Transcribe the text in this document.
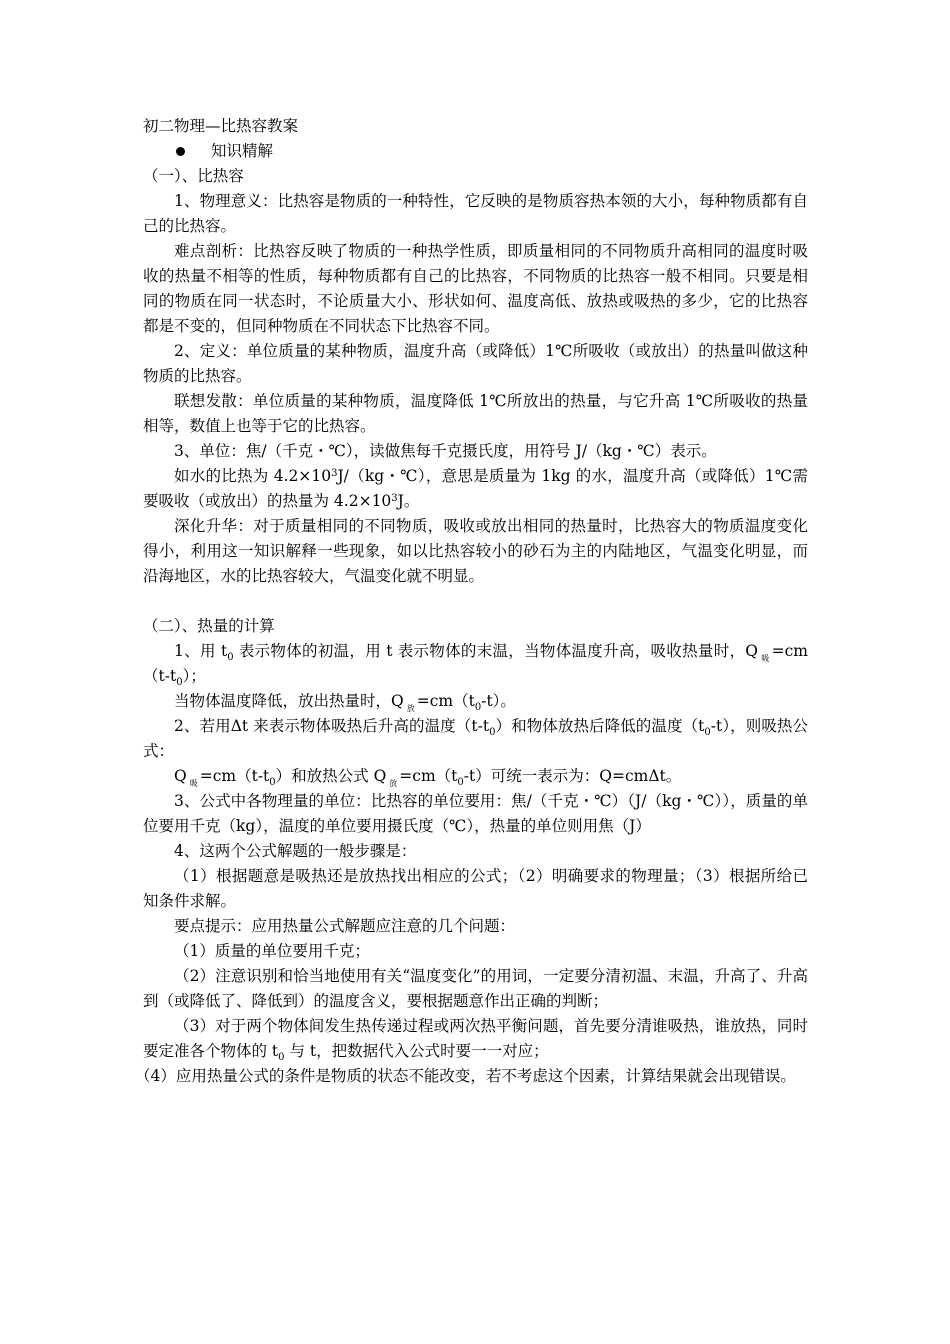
初二物理—比热容教案

知识精解

（一）、比热容

1、物理意义：比热容是物质的一种特性，它反映的是物质容热本领的大小，每种物质都有自己的比热容。

难点剖析：比热容反映了物质的一种热学性质，即质量相同的不同物质升高相同的温度时吸收的热量不相等的性质，每种物质都有自己的比热容，不同物质的比热容一般不相同。只要是相同的物质在同一状态时，不论质量大小、形状如何、温度高低、放热或吸热的多少，它的比热容都是不变的，但同种物质在不同状态下比热容不同。

2、定义：单位质量的某种物质，温度升高（或降低）1℃所吸收（或放出）的热量叫做这种物质的比热容。

联想发散：单位质量的某种物质，温度降低 1℃所放出的热量，与它升高 1℃所吸收的热量相等，数值上也等于它的比热容。

3、单位：焦/（千克・℃），读做焦每千克摄氏度，用符号 J/（kg・℃）表示。

如水的比热为 $4.2\times 10^3J/(kg$・℃），意思是质量为 1kg 的水，温度升高（或降低）1℃需要吸收（或放出）的热量为 $4.2\times 10^3J$。

深化升华：对于质量相同的不同物质，吸收或放出相同的热量时，比热容大的物质温度变化得小，利用这一知识解释一些现象，如以比热容较小的砂石为主的内陆地区，气温变化明显，而沿海地区，水的比热容较大，气温变化就不明显。

（二）、热量的计算

1、用 $t_0$ 表示物体的初温，用 t 表示物体的末温，当物体温度升高，吸收热量时，Q $_吸 =cm(t-t_0)$；

当物体温度降低，放出热量时，Q $_放 =cm(t_0-t)$。

2、若用Δt 来表示物体吸热后升高的温度$(t-t_0)$和物体放热后降低的温度$(t_0-t)$，则吸热公式：

Q $_吸 =cm(t-t_0)$和放热公式 Q $_放 =cm(t_0-t)$可统一表示为：Q=cmΔt。

3、公式中各物理量的单位：比热容的单位要用：焦/（千克・℃）（J/（kg・℃）），质量的单位要用千克（kg），温度的单位要用摄氏度（℃），热量的单位则用焦（J）

4、这两个公式解题的一般步骤是：

（1）根据题意是吸热还是放热找出相应的公式；（2）明确要求的物理量；（3）根据所给已知条件求解。

要点提示：应用热量公式解题应注意的几个问题：

（1）质量的单位要用千克；

（2）注意识别和恰当地使用有关“温度变化”的用词，一定要分清初温、末温，升高了、升高到（或降低了、降低到）的温度含义，要根据题意作出正确的判断；

（3）对于两个物体间发生热传递过程或两次热平衡问题，首先要分清谁吸热，谁放热，同时要定准各个物体的 $t_0$ 与 t，把数据代入公式时要一一对应；

（4）应用热量公式的条件是物质的状态不能改变，若不考虑这个因素，计算结果就会出现错误。
